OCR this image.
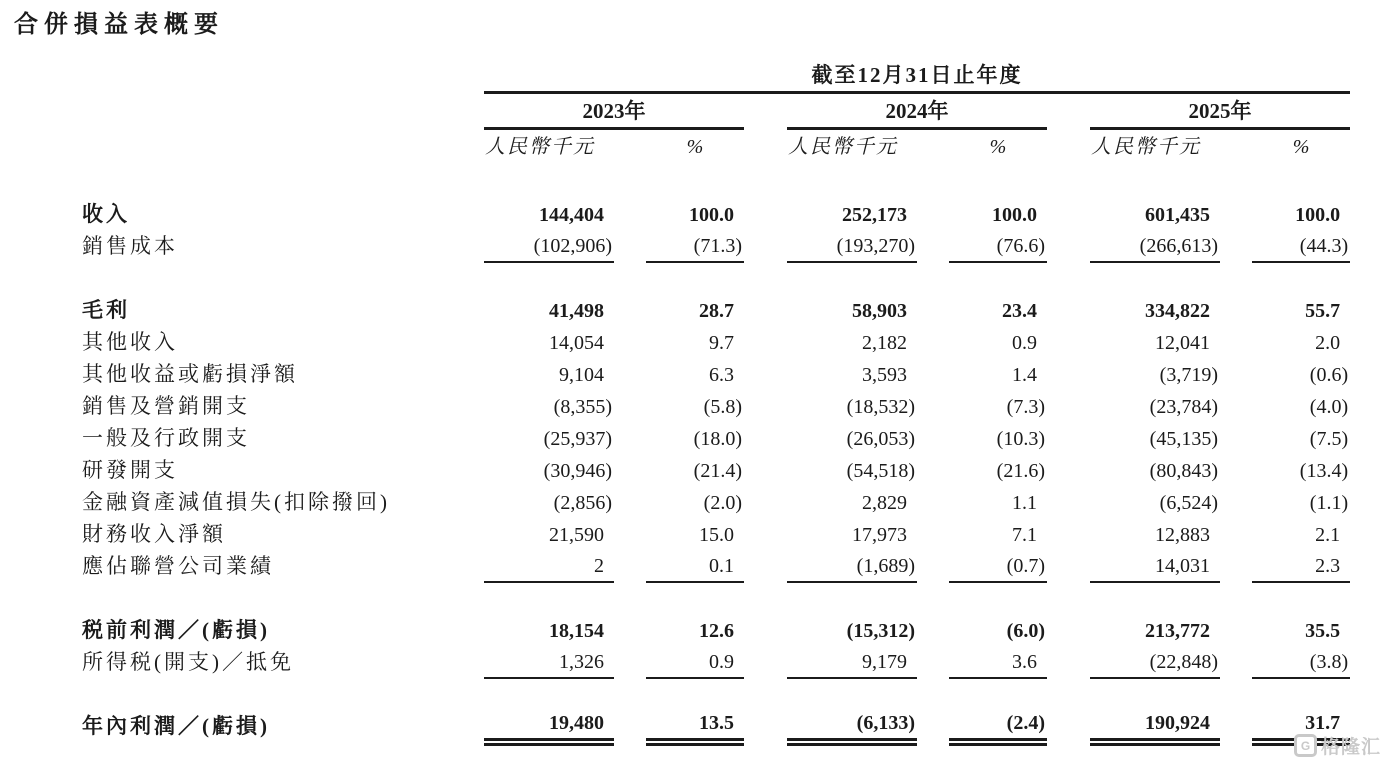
合併損益表概要
	截至12月31日止年度										
	2023年				2024年				2025年		
	人民幣千元		%		人民幣千元		%		人民幣千元		%

收入	144,404		100.0		252,173		100.0		601,435		100.0
銷售成本	(102,906)		(71.3)		(193,270)		(76.6)		(266,613)		(44.3)

毛利	41,498		28.7		58,903		23.4		334,822		55.7
其他收入	14,054		9.7		2,182		0.9		12,041		2.0
其他收益或虧損淨額	9,104		6.3		3,593		1.4		(3,719)		(0.6)
銷售及營銷開支	(8,355)		(5.8)		(18,532)		(7.3)		(23,784)		(4.0)
一般及行政開支	(25,937)		(18.0)		(26,053)		(10.3)		(45,135)		(7.5)
研發開支	(30,946)		(21.4)		(54,518)		(21.6)		(80,843)		(13.4)
金融資產減值損失(扣除撥回)	(2,856)		(2.0)		2,829		1.1		(6,524)		(1.1)
財務收入淨額	21,590		15.0		17,973		7.1		12,883		2.1
應佔聯營公司業績	2		0.1		(1,689)		(0.7)		14,031		2.3

税前利潤／(虧損)	18,154		12.6		(15,312)		(6.0)		213,772		35.5
所得税(開支)／抵免	1,326		0.9		9,179		3.6		(22,848)		(3.8)

年內利潤／(虧損)	19,480		13.5		(6,133)		(2.4)		190,924		31.7
G 格隆汇
